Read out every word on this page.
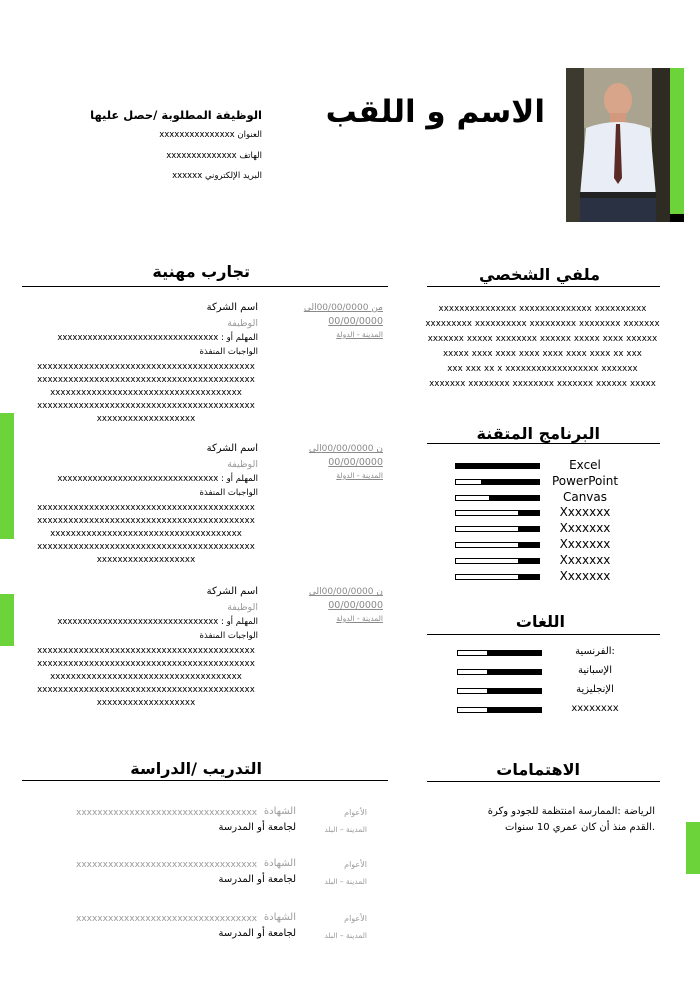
الاسم و اللقب
الوظيفة المطلوبة /حصل عليها
العنوان xxxxxxxxxxxxxxx
الهاتف xxxxxxxxxxxxxx
البريد الإلكتروني xxxxxx
ملفي الشخصي
xxxxxxxxxxxxxxx xxxxxxxxxxxxxx xxxxxxxxxx
xxxxxxxxx xxxxxxxxxx xxxxxxxxx xxxxxxxx xxxxxxx
xxxxxxx xxxxx xxxxxxxx xxxxxx xxxxx xxxx xxxxxx
xxxxx xxxx xxxx xxxx xxxx xxxx xxxx xx xxx
xxx xxx xx x xxxxxxxxxxxxxxxxxx xxxxxxx
xxxxxxx xxxxxxxx xxxxxxxx xxxxxxx xxxxxx xxxxx
البرنامج المتقنة
Excel
PowerPoint
Canvas
Xxxxxxx
Xxxxxxx
Xxxxxxx
Xxxxxxx
Xxxxxxx
اللغات
:الفرنسية
الإسبانية
الإنجليزية
xxxxxxxx
الاهتمامات
الرياضة :الممارسة امنتظمة للجودو وكرة
.القدم منذ أن كان عمري 10 سنوات
تجارب مهنية
من 00/00/0000الى
00/00/0000
المدينة - الدولة
اسم الشركة
الوظيفة
المهلم أو : xxxxxxxxxxxxxxxxxxxxxxxxxxxxxxxx
الواجبات المنفذة
xxxxxxxxxxxxxxxxxxxxxxxxxxxxxxxxxxxxxxxxxx
xxxxxxxxxxxxxxxxxxxxxxxxxxxxxxxxxxxxxxxxxx
xxxxxxxxxxxxxxxxxxxxxxxxxxxxxxxxxxxxx
xxxxxxxxxxxxxxxxxxxxxxxxxxxxxxxxxxxxxxxxxx
xxxxxxxxxxxxxxxxxxx
ن 00/00/0000الى
00/00/0000
المدينة - الدولة
اسم الشركة
الوظيفة
المهلم أو : xxxxxxxxxxxxxxxxxxxxxxxxxxxxxxxx
الواجبات المنفذة
xxxxxxxxxxxxxxxxxxxxxxxxxxxxxxxxxxxxxxxxxx
xxxxxxxxxxxxxxxxxxxxxxxxxxxxxxxxxxxxxxxxxx
xxxxxxxxxxxxxxxxxxxxxxxxxxxxxxxxxxxxx
xxxxxxxxxxxxxxxxxxxxxxxxxxxxxxxxxxxxxxxxxx
xxxxxxxxxxxxxxxxxxx
ن 00/00/0000الى
00/00/0000
المدينة - الدولة
اسم الشركة
الوظيفة
المهلم أو : xxxxxxxxxxxxxxxxxxxxxxxxxxxxxxxx
الواجبات المنفذة
xxxxxxxxxxxxxxxxxxxxxxxxxxxxxxxxxxxxxxxxxx
xxxxxxxxxxxxxxxxxxxxxxxxxxxxxxxxxxxxxxxxxx
xxxxxxxxxxxxxxxxxxxxxxxxxxxxxxxxxxxxx
xxxxxxxxxxxxxxxxxxxxxxxxxxxxxxxxxxxxxxxxxx
xxxxxxxxxxxxxxxxxxx
التدريب /الدراسة
الأعوام
المدينة – البلد
الشهادة
xxxxxxxxxxxxxxxxxxxxxxxxxxxxxxxxxx
لجامعة أو المدرسة
الأعوام
المدينة – البلد
الشهادة
xxxxxxxxxxxxxxxxxxxxxxxxxxxxxxxxxx
لجامعة أو المدرسة
الأعوام
المدينة – البلد
الشهادة
xxxxxxxxxxxxxxxxxxxxxxxxxxxxxxxxxx
لجامعة أو المدرسة
